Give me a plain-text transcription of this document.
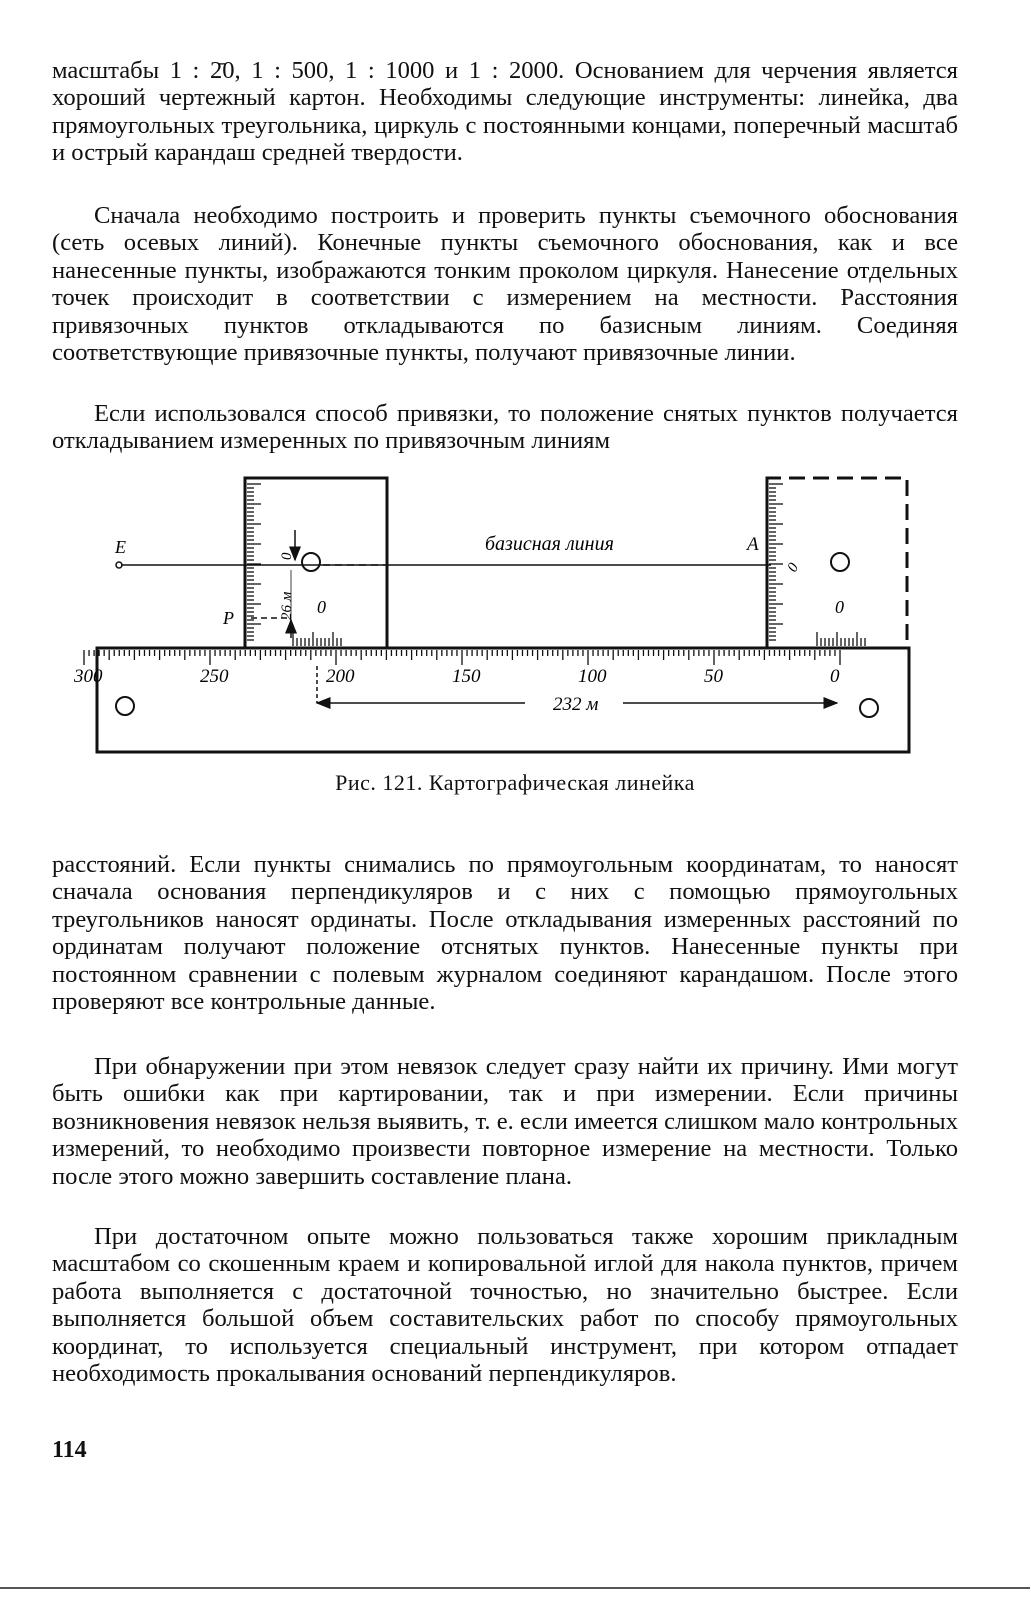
масштабы 1 : 2̄0, 1 : 500, 1 : 1000 и 1 : 2000. Основанием для черчения является хороший чертежный картон. Необходимы следующие инструменты: линейка, два прямоугольных треугольника, циркуль с постоянными концами, поперечный масштаб и острый карандаш средней твердости.

Сначала необходимо построить и проверить пункты съемочного обоснования (сеть осевых линий). Конечные пункты съемочного обоснования, как и все нанесенные пункты, изображаются тонким проколом циркуля. Нанесение отдельных точек происходит в соответствии с измерением на местности. Расстояния привязочных пунктов откладываются по базисным линиям. Соединяя соответствующие привязочные пункты, получают привязочные линии.

Если использовался способ привязки, то положение снятых пунктов получается откладыванием измеренных по привязочным линиям

E	базисная линия	A
0
26 м 0
P
0
0
300	250	200	150	100	50	0
232 м
Рис. 121. Картографическая линейка

расстояний. Если пункты снимались по прямоугольным координатам, то наносят сначала основания перпендикуляров и с них с помощью прямоугольных треугольников наносят ординаты. После откладывания измеренных расстояний по ординатам получают положение отснятых пунктов. Нанесенные пункты при постоянном сравнении с полевым журналом соединяют карандашом. После этого проверяют все контрольные данные.

При обнаружении при этом невязок следует сразу найти их причину. Ими могут быть ошибки как при картировании, так и при измерении. Если причины возникновения невязок нельзя выявить, т. е. если имеется слишком мало контрольных измерений, то необходимо произвести повторное измерение на местности. Только после этого можно завершить составление плана.

При достаточном опыте можно пользоваться также хорошим прикладным масштабом со скошенным краем и копировальной иглой для накола пунктов, причем работа выполняется с достаточной точностью, но значительно быстрее. Если выполняется большой объем составительских работ по способу прямоугольных координат, то используется специальный инструмент, при котором отпадает необходимость прокалывания оснований перпендикуляров.

114
